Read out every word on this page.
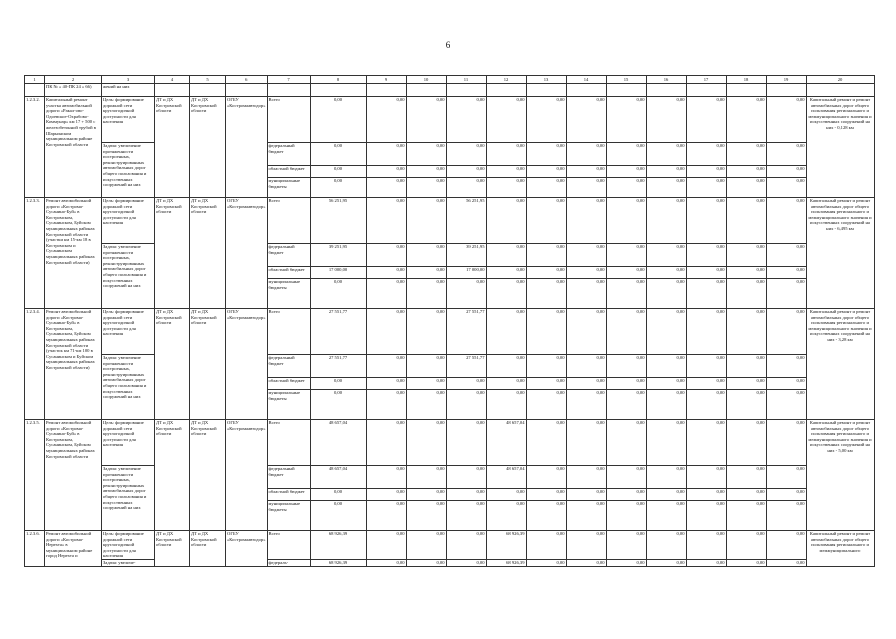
6
1	2	3	4	5	6	7	8	9	10	11	12	13	14	15	16	17	18	19	20
	ПК № « 40-ПК 24 » 66)	жений на них																	
1.2.3.2.	Капитальный ремонт участка автомобильной дороги «Ракал-ово-Одоевское-Охрабово-Коммунар» км 17 + 500 с железобетонной трубой в Шарьинском муниципальном районе Костромской области	Цель: формирование дорожной сети круглогодичной доступности для населения	ДТ и ДХ Костромской области	ДТ и ДХ Костромской области	ОГБУ «Костромаавтодор»	Всего	0,00	0,00	0,00	0,00	0,00	0,00	0,00	0,00	0,00	0,00	0,00	0,00	Капитальный ремонт и ремонт автомобильных дорог общего пользования регионального и межмуниципального значения и искусственных сооружений на них - 0,128 км
		Задача: увеличение протяженности построенных, реконструированных автомобильных дорог общего пользования и искусственных сооружений на них				федеральный бюджет	0,00	0,00	0,00	0,00	0,00	0,00	0,00	0,00	0,00	0,00	0,00	0,00	
						областной бюджет	0,00	0,00	0,00	0,00	0,00	0,00	0,00	0,00	0,00	0,00	0,00	0,00	
						муниципальные бюджеты	0,00	0,00	0,00	0,00	0,00	0,00	0,00	0,00	0,00	0,00	0,00	0,00	
1.2.3.3.	Ремонт автомобильной дороги «Кострома-Сусанино-Буй» в Костромском, Сусанинском, Буйском муниципальных районах Костромской области (участки км 15-км 18 в Костромском и Сусанинском муниципальных районах Костромской области)	Цель: формирование дорожной сети круглогодичной доступности для населения	ДТ и ДХ Костромской области	ДТ и ДХ Костромской области	ОГБУ «Костромаавтодор»	Всего	56 251,95	0,00	0,00	56 251,95	0,00	0,00	0,00	0,00	0,00	0,00	0,00	0,00	Капитальный ремонт и ремонт автомобильных дорог общего пользования регионального и межмуниципального значения и искусственных сооружений на них - 6,495 км
		Задача: увеличение протяженности построенных, реконструированных автомобильных дорог общего пользования и искусственных сооружений на них				федеральный бюджет	39 251,95	0,00	0,00	39 251,95	0,00	0,00	0,00	0,00	0,00	0,00	0,00	0,00	
						областной бюджет	17 000,00	0,00	0,00	17 000,00	0,00	0,00	0,00	0,00	0,00	0,00	0,00	0,00	
						муниципальные бюджеты	0,00	0,00	0,00	0,00	0,00	0,00	0,00	0,00	0,00	0,00	0,00	0,00	
1.2.3.4.	Ремонт автомобильной дороги «Кострома-Сусанино-Буй» в Костромском, Сусанинском, Буйском муниципальных районах Костромской области (участок км 71-км 100 в Сусанинском и Буйском муниципальных районах Костромской области)	Цель: формирование дорожной сети круглогодичной доступности для населения	ДТ и ДХ Костромской области	ДТ и ДХ Костромской области	ОГБУ «Костромаавтодор»	Всего	27 551,77	0,00	0,00	27 551,77	0,00	0,00	0,00	0,00	0,00	0,00	0,00	0,00	Капитальный ремонт и ремонт автомобильных дорог общего пользования регионального и межмуниципального значения и искусственных сооружений на них - 3,28 км
		Задача: увеличение протяженности построенных, реконструированных автомобильных дорог общего пользования и искусственных сооружений на них				федеральный бюджет	27 551,77	0,00	0,00	27 551,77	0,00	0,00	0,00	0,00	0,00	0,00	0,00	0,00	
						областной бюджет	0,00	0,00	0,00	0,00	0,00	0,00	0,00	0,00	0,00	0,00	0,00	0,00	
						муниципальные бюджеты	0,00	0,00	0,00	0,00	0,00	0,00	0,00	0,00	0,00	0,00	0,00	0,00	
1.2.3.5.	Ремонт автомобильной дороги «Кострома-Сусанино-Буй» в Костромском, Сусанинском, Буйском муниципальных районах Костромской области	Цель: формирование дорожной сети круглогодичной доступности для населения	ДТ и ДХ Костромской области	ДТ и ДХ Костромской области	ОГБУ «Костромаавтодор»	Всего	48 657,04	0,00	0,00	0,00	48 657,04	0,00	0,00	0,00	0,00	0,00	0,00	0,00	Капитальный ремонт и ремонт автомобильных дорог общего пользования регионального и межмуниципального значения и искусственных сооружений на них - 5,00 км
		Задача: увеличение протяженности построенных, реконструированных автомобильных дорог общего пользования и искусственных сооружений на них				федеральный бюджет	48 657,04	0,00	0,00	0,00	48 657,04	0,00	0,00	0,00	0,00	0,00	0,00	0,00	
						областной бюджет	0,00	0,00	0,00	0,00	0,00	0,00	0,00	0,00	0,00	0,00	0,00	0,00	
						муниципальные бюджеты	0,00	0,00	0,00	0,00	0,00	0,00	0,00	0,00	0,00	0,00	0,00	0,00	
1.2.3.6.	Ремонт автомобильной дороги «Кострома-Нерехта» в муниципальном районе город Нерехта и	Цель: формирование дорожной сети круглогодичной доступности для населения	ДТ и ДХ Костромской области	ДТ и ДХ Костромской области	ОГБУ «Костромаавтодор»	Всего	68 926,39	0,00	0,00	0,00	68 926,39	0,00	0,00	0,00	0,00	0,00	0,00	0,00	Капитальный ремонт и ремонт автомобильных дорог общего пользования регионального и межмуниципального
		Задача: увеличе-				федераль-	68 926,39	0,00	0,00	0,00	68 926,39	0,00	0,00	0,00	0,00	0,00	0,00	0,00	
